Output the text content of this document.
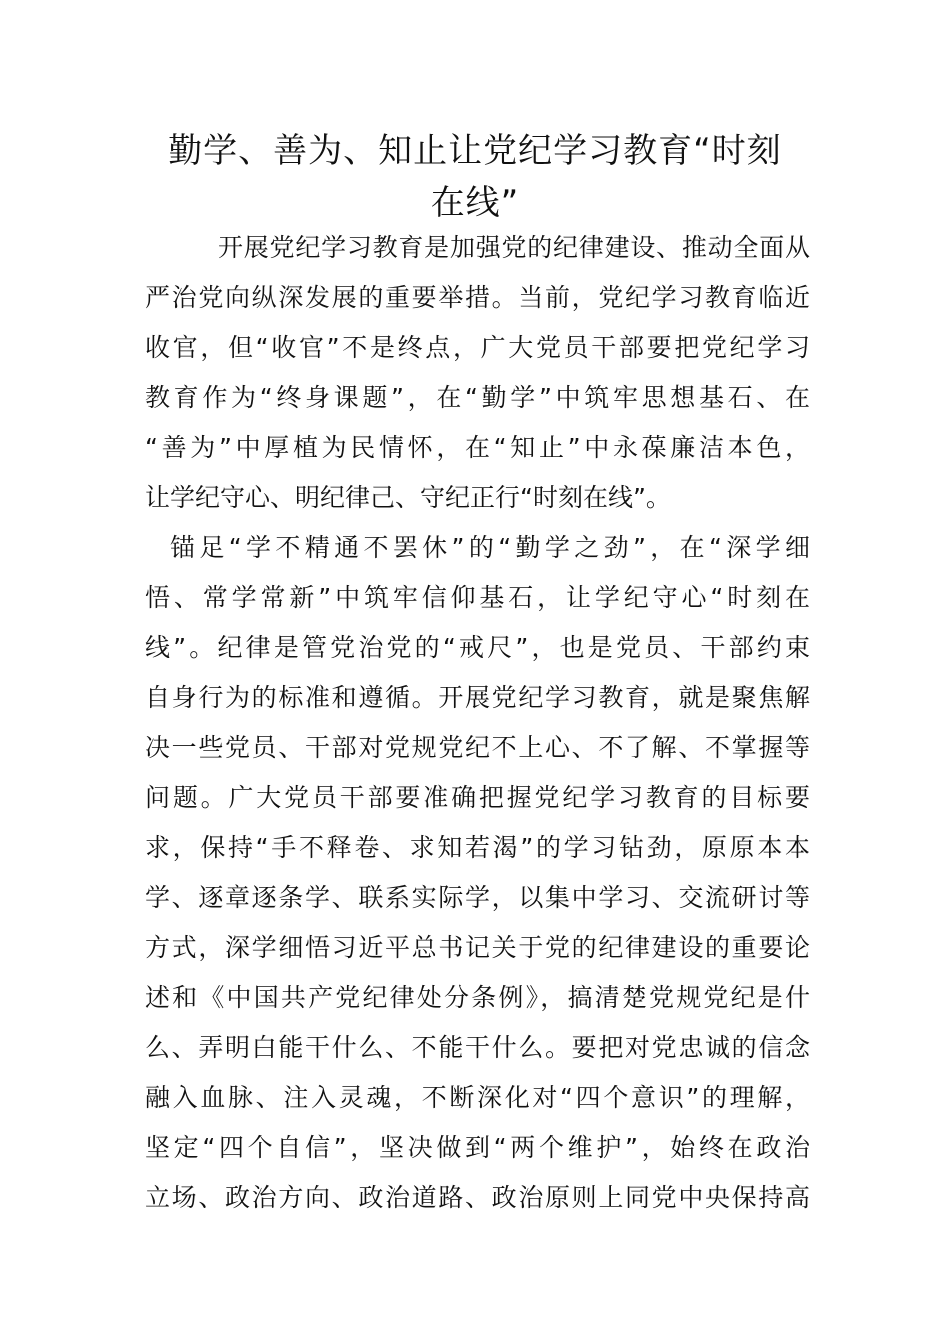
勤学、善为、知止让党纪学习教育“时刻
在线”
开展党纪学习教育是加强党的纪律建设、推动全面从
严治党向纵深发展的重要举措。当前，党纪学习教育临近
收官，但“收官”不是终点，广大党员干部要把党纪学习
教育作为“终身课题”，在“勤学”中筑牢思想基石、在
“善为”中厚植为民情怀，在“知止”中永葆廉洁本色，
让学纪守心、明纪律己、守纪正行“时刻在线”。
锚足“学不精通不罢休”的“勤学之劲”，在“深学细
悟、常学常新”中筑牢信仰基石，让学纪守心“时刻在
线”。纪律是管党治党的“戒尺”，也是党员、干部约束
自身行为的标准和遵循。开展党纪学习教育，就是聚焦解
决一些党员、干部对党规党纪不上心、不了解、不掌握等
问题。广大党员干部要准确把握党纪学习教育的目标要
求，保持“手不释卷、求知若渴”的学习钻劲，原原本本
学、逐章逐条学、联系实际学，以集中学习、交流研讨等
方式，深学细悟习近平总书记关于党的纪律建设的重要论
述和《中国共产党纪律处分条例》，搞清楚党规党纪是什
么、弄明白能干什么、不能干什么。要把对党忠诚的信念
融入血脉、注入灵魂，不断深化对“四个意识”的理解，
坚定“四个自信”，坚决做到“两个维护”，始终在政治
立场、政治方向、政治道路、政治原则上同党中央保持高
